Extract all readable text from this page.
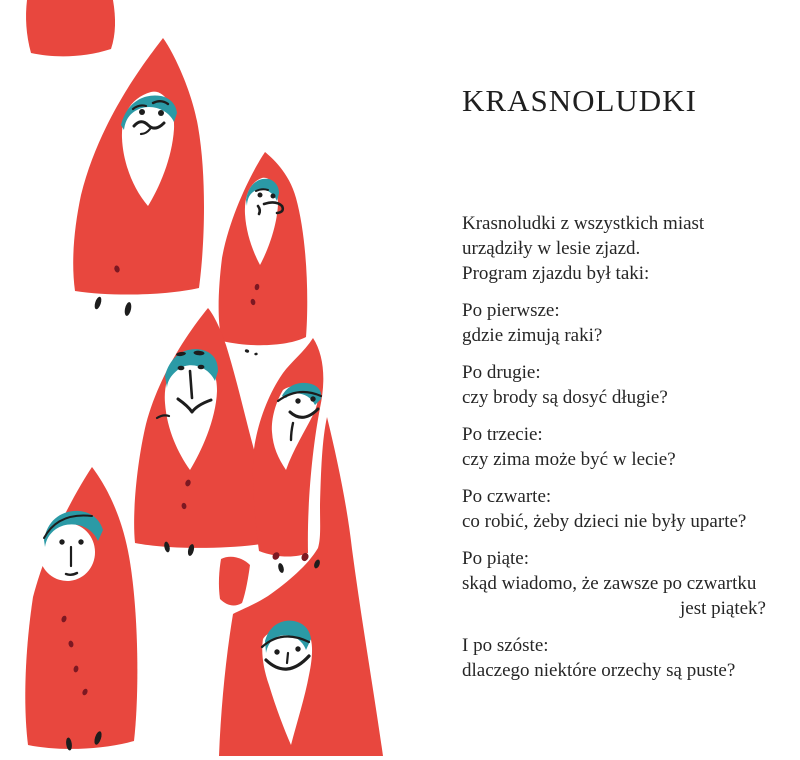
KRASNOLUDKI
Krasnoludki z wszystkich miast
urządziły w lesie zjazd.
Program zjazdu był taki:
Po pierwsze:
gdzie zimują raki?
Po drugie:
czy brody są dosyć długie?
Po trzecie:
czy zima może być w lecie?
Po czwarte:
co robić, żeby dzieci nie były uparte?
Po piąte:
skąd wiadomo, że zawsze po czwartku
jest piątek?
I po szóste:
dlaczego niektóre orzechy są puste?
